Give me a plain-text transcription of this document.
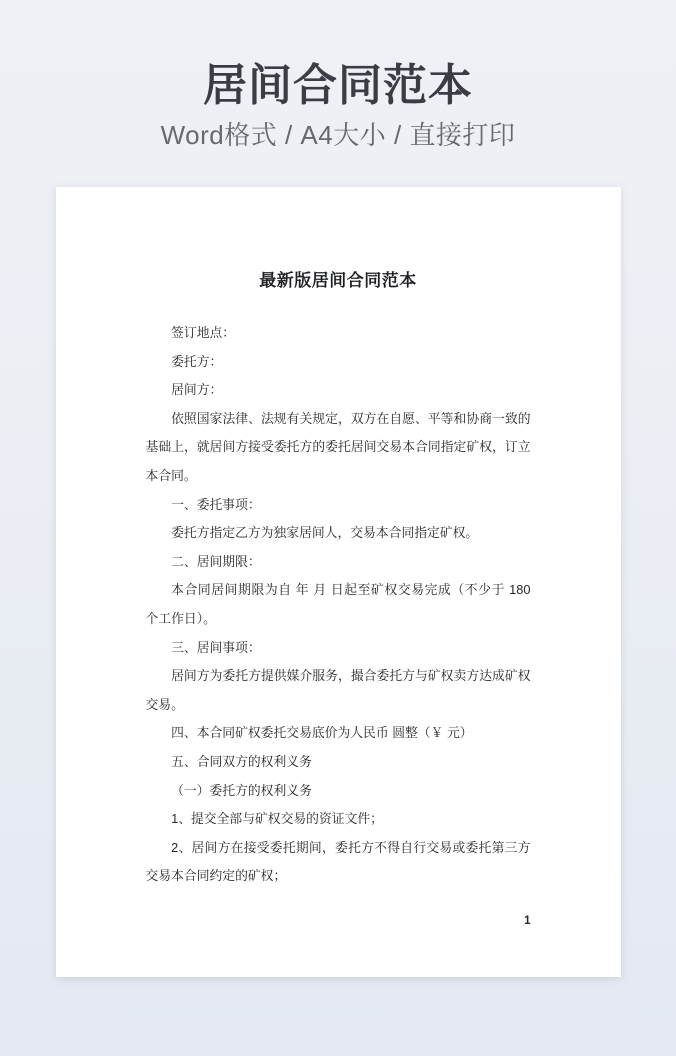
居间合同范本
Word格式 / A4大小 / 直接打印
最新版居间合同范本
签订地点：
委托方：
居间方：
依照国家法律、法规有关规定，双方在自愿、平等和协商一致的
基础上，就居间方接受委托方的委托居间交易本合同指定矿权，订立
本合同。
一、委托事项：
委托方指定乙方为独家居间人，交易本合同指定矿权。
二、居间期限：
本合同居间期限为自 年 月 日起至矿权交易完成（不少于 180
个工作日）。
三、居间事项：
居间方为委托方提供媒介服务，撮合委托方与矿权卖方达成矿权
交易。
四、本合同矿权委托交易底价为人民币 圆整（￥ 元）
五、合同双方的权利义务
（一）委托方的权利义务
1、提交全部与矿权交易的资证文件；
2、居间方在接受委托期间，委托方不得自行交易或委托第三方
交易本合同约定的矿权；
1
